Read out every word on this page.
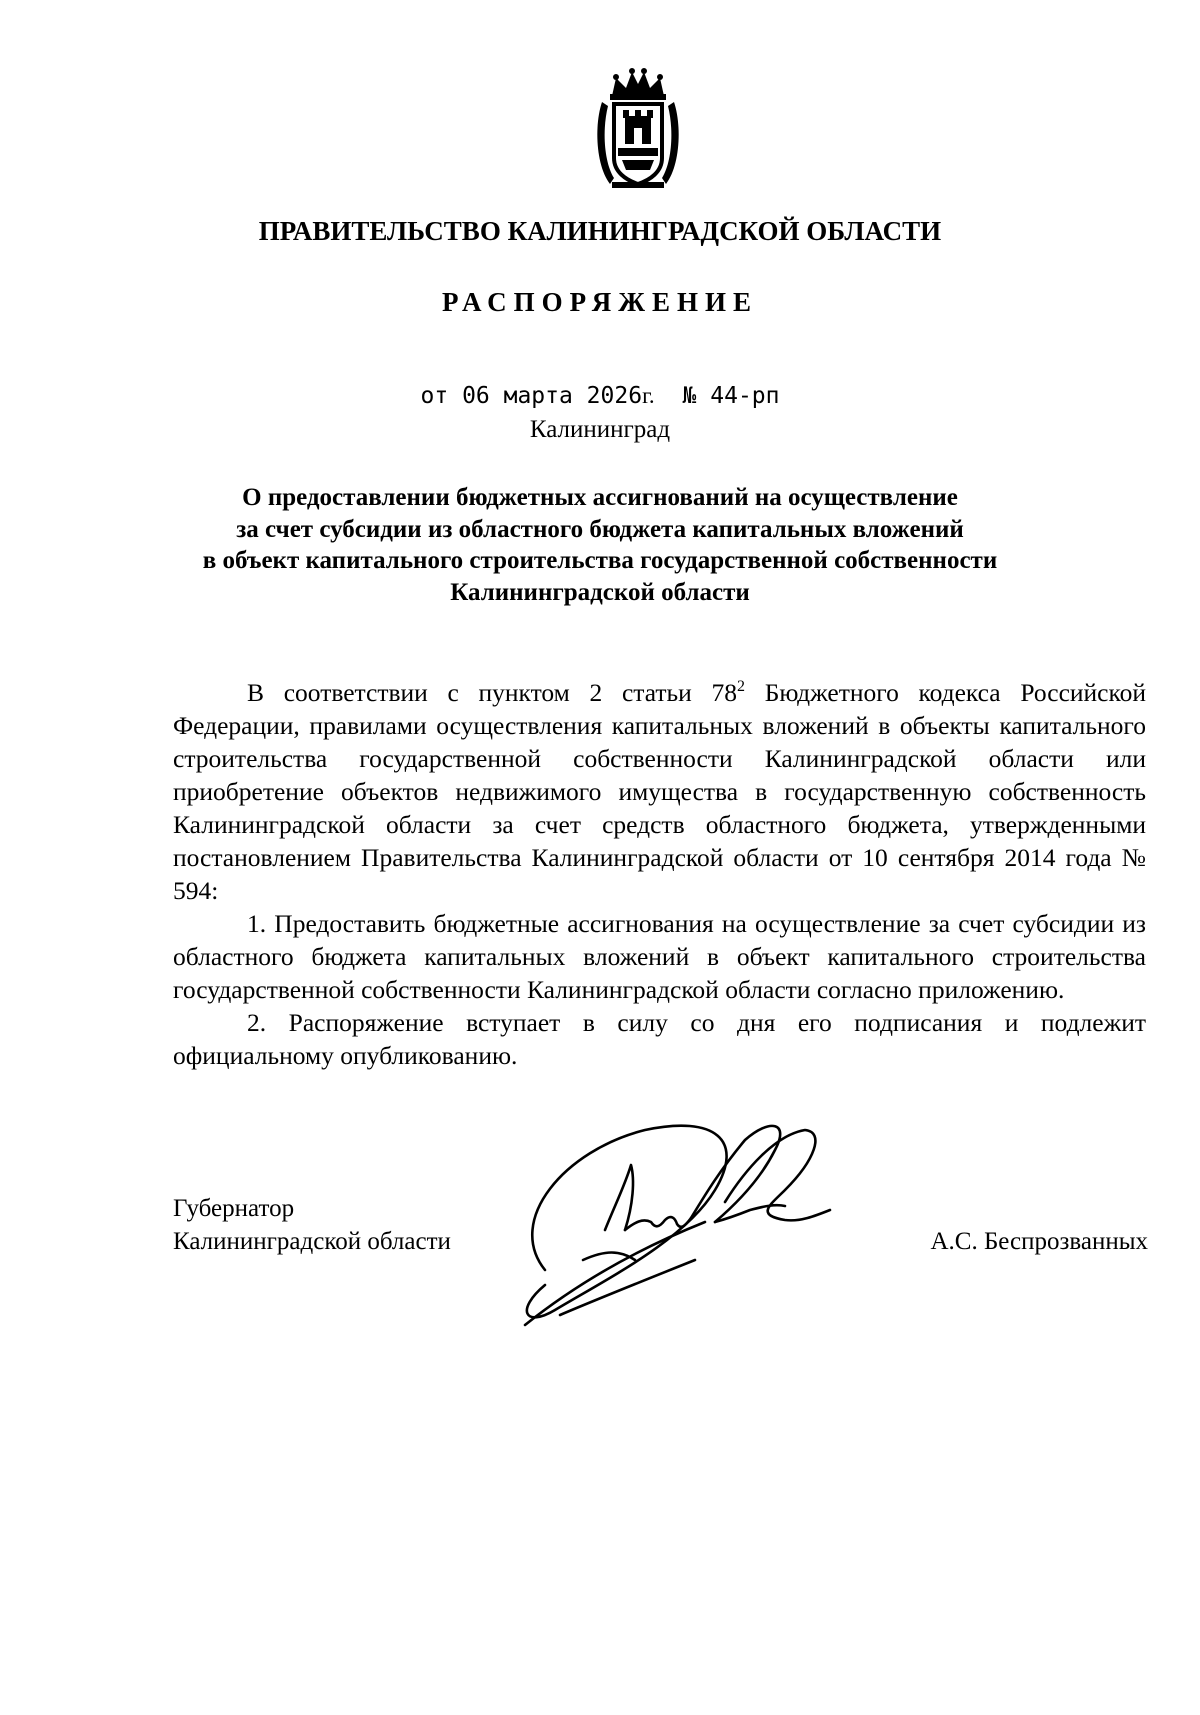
ПРАВИТЕЛЬСТВО КАЛИНИНГРАДСКОЙ ОБЛАСТИ
РАСПОРЯЖЕНИЕ
от 06 марта 2026г. № 44-рп
Калининград
О предоставлении бюджетных ассигнований на осуществление
за счет субсидии из областного бюджета капитальных вложений
в объект капитального строительства государственной собственности
Калининградской области

В соответствии с пунктом 2 статьи $78^2$ Бюджетного кодекса Российской Федерации, правилами осуществления капитальных вложений в объекты капитального строительства государственной собственности Калининградской области или приобретение объектов недвижимого имущества в государственную собственность Калининградской области за счет средств областного бюджета, утвержденными постановлением Правительства Калининградской области от 10 сентября 2014 года № 594:

1. Предоставить бюджетные ассигнования на осуществление за счет субсидии из областного бюджета капитальных вложений в объект капитального строительства государственной собственности Калининградской области согласно приложению.

2. Распоряжение вступает в силу со дня его подписания и подлежит официальному опубликованию.

Губернатор
Калининградской области	А.С. Беспрозванных
